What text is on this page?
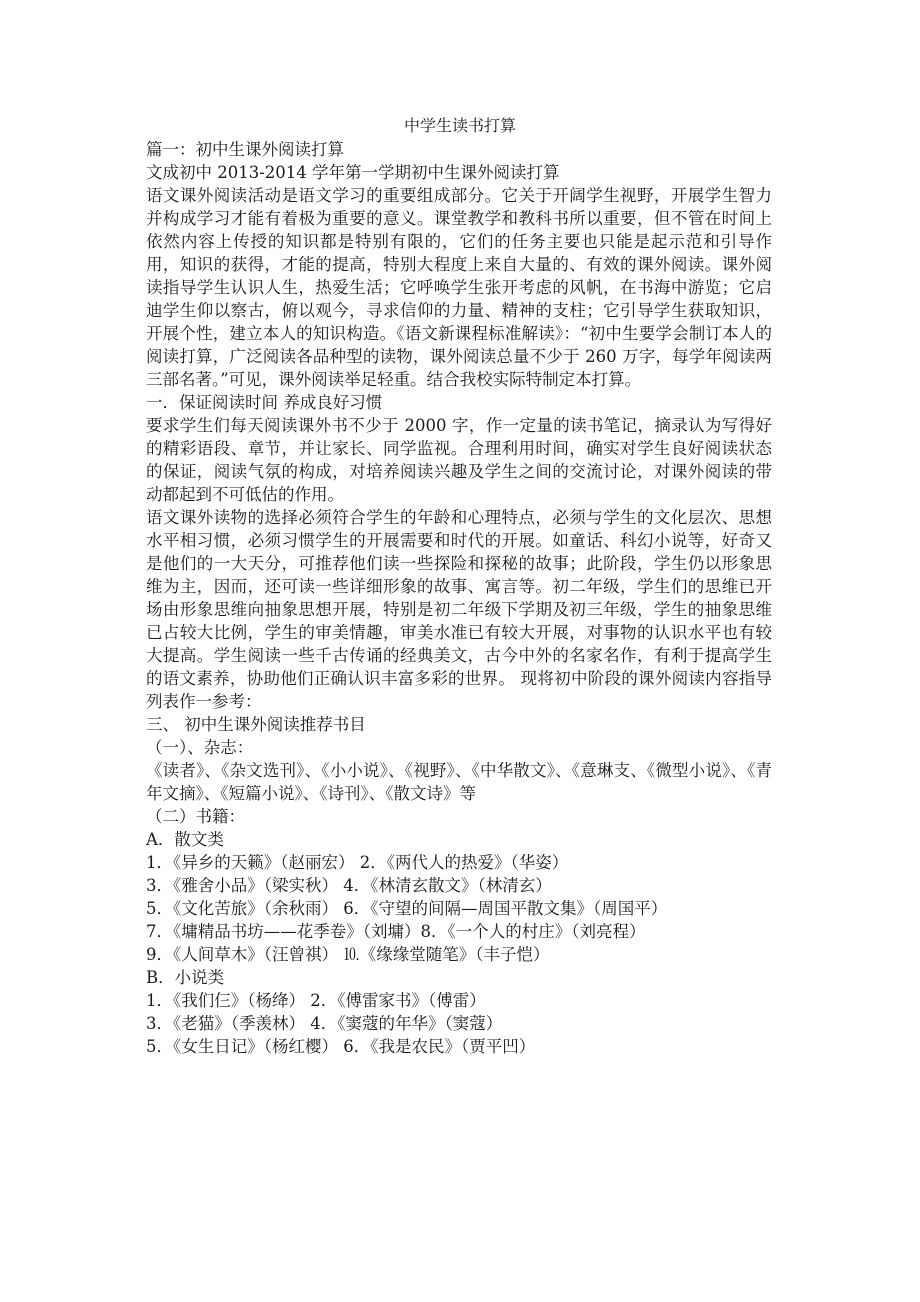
中学生读书打算

篇一：初中生课外阅读打算

文成初中 2013-2014 学年第一学期初中生课外阅读打算

语文课外阅读活动是语文学习的重要组成部分。它关于开阔学生视野，开展学生智力并构成学习才能有着极为重要的意义。课堂教学和教科书所以重要，但不管在时间上依然内容上传授的知识都是特别有限的，它们的任务主要也只能是起示范和引导作用，知识的获得，才能的提高，特别大程度上来自大量的、有效的课外阅读。课外阅读指导学生认识人生，热爱生活；它呼唤学生张开考虑的风帆，在书海中游览；它启迪学生仰以察古，俯以观今，寻求信仰的力量、精神的支柱；它引导学生获取知识，开展个性，建立本人的知识构造。《语文新课程标准解读》：“初中生要学会制订本人的阅读打算，广泛阅读各品种型的读物，课外阅读总量不少于 260 万字，每学年阅读两三部名著。”可见，课外阅读举足轻重。结合我校实际特制定本打算。

一．保证阅读时间 养成良好习惯

要求学生们每天阅读课外书不少于 2000 字，作一定量的读书笔记，摘录认为写得好的精彩语段、章节，并让家长、同学监视。合理利用时间，确实对学生良好阅读状态的保证，阅读气氛的构成，对培养阅读兴趣及学生之间的交流讨论，对课外阅读的带动都起到不可低估的作用。

语文课外读物的选择必须符合学生的年龄和心理特点，必须与学生的文化层次、思想水平相习惯，必须习惯学生的开展需要和时代的开展。如童话、科幻小说等，好奇又是他们的一大天分，可推荐他们读一些探险和探秘的故事；此阶段，学生仍以形象思维为主，因而，还可读一些详细形象的故事、寓言等。初二年级，学生们的思维已开场由形象思维向抽象思想开展，特别是初二年级下学期及初三年级，学生的抽象思维已占较大比例，学生的审美情趣，审美水准已有较大开展，对事物的认识水平也有较大提高。学生阅读一些千古传诵的经典美文，古今中外的名家名作，有利于提高学生的语文素养，协助他们正确认识丰富多彩的世界。 现将初中阶段的课外阅读内容指导列表作一参考：

三、 初中生课外阅读推荐书目

（一）、杂志：

《读者》、《杂文选刊》、《小小说》、《视野》、《中华散文》、《意琳支、《微型小说》、《青年文摘》、《短篇小说》、《诗刊》、《散文诗》等

（二）书籍：

A．散文类

1．《异乡的天籁》（赵丽宏） 2．《两代人的热爱》（华姿）

3．《雅舍小品》（梁实秋） 4．《林清玄散文》（林清玄）

5．《文化苦旅》（余秋雨） 6．《守望的间隔—周国平散文集》（周国平）

7．《墉精品书坊——花季卷》（刘墉）8．《一个人的村庄》（刘亮程）

9．《人间草木》（汪曾祺） ⒑《缘缘堂随笔》（丰子恺）

B．小说类

1．《我们仨》（杨绛） 2．《傅雷家书》（傅雷）

3．《老猫》（季羡林） 4．《窦蔻的年华》（窦蔻）

5．《女生日记》（杨红樱） 6．《我是农民》（贾平凹）
